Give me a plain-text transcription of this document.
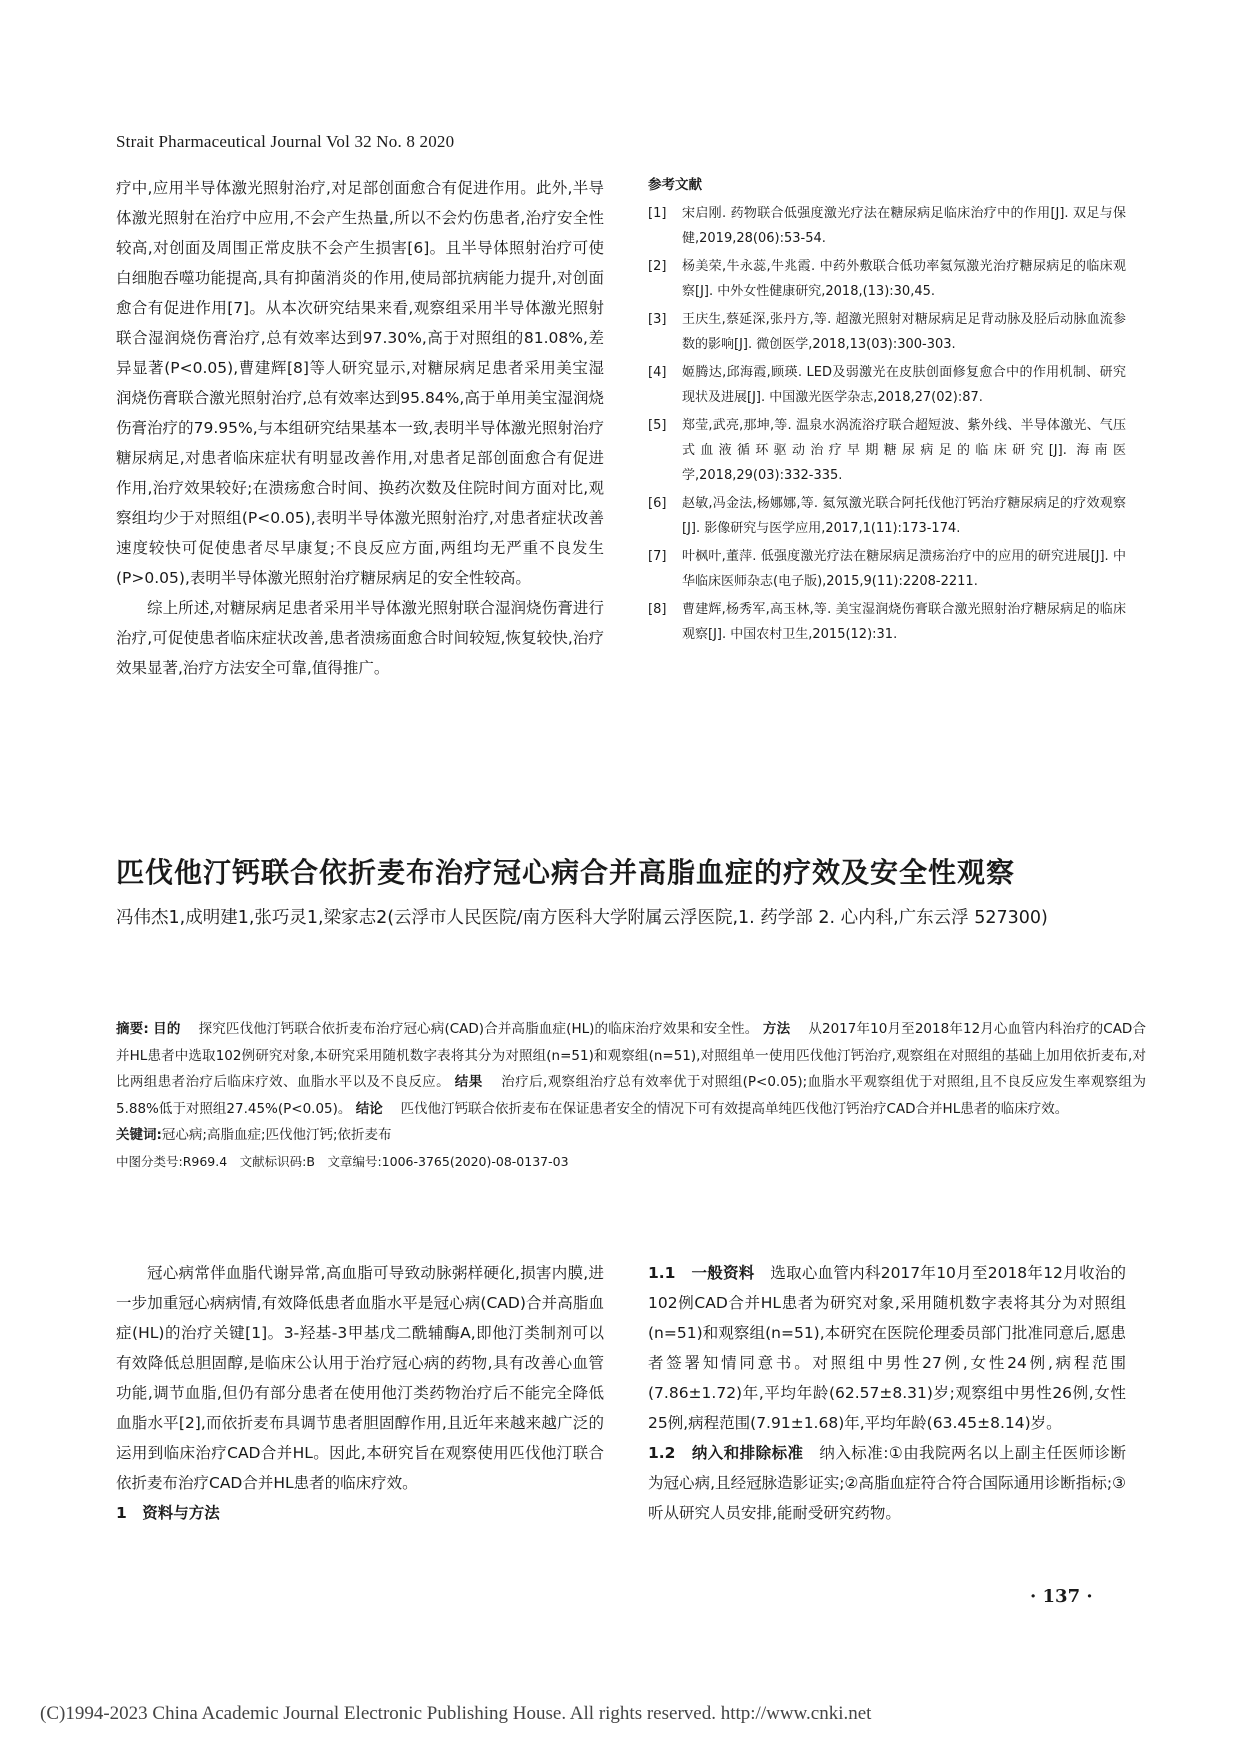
Strait Pharmaceutical Journal Vol 32 No. 8 2020

疗中,应用半导体激光照射治疗,对足部创面愈合有促进作用。此外,半导体激光照射在治疗中应用,不会产生热量,所以不会灼伤患者,治疗安全性较高,对创面及周围正常皮肤不会产生损害[6]。且半导体照射治疗可使白细胞吞噬功能提高,具有抑菌消炎的作用,使局部抗病能力提升,对创面愈合有促进作用[7]。从本次研究结果来看,观察组采用半导体激光照射联合湿润烧伤膏治疗,总有效率达到97.30%,高于对照组的81.08%,差异显著(P<0.05),曹建辉[8]等人研究显示,对糖尿病足患者采用美宝湿润烧伤膏联合激光照射治疗,总有效率达到95.84%,高于单用美宝湿润烧伤膏治疗的79.95%,与本组研究结果基本一致,表明半导体激光照射治疗糖尿病足,对患者临床症状有明显改善作用,对患者足部创面愈合有促进作用,治疗效果较好;在溃疡愈合时间、换药次数及住院时间方面对比,观察组均少于对照组(P<0.05),表明半导体激光照射治疗,对患者症状改善速度较快可促使患者尽早康复;不良反应方面,两组均无严重不良发生(P>0.05),表明半导体激光照射治疗糖尿病足的安全性较高。

综上所述,对糖尿病足患者采用半导体激光照射联合湿润烧伤膏进行治疗,可促使患者临床症状改善,患者溃疡面愈合时间较短,恢复较快,治疗效果显著,治疗方法安全可靠,值得推广。

参考文献
[1]	宋启刚. 药物联合低强度激光疗法在糖尿病足临床治疗中的作用[J]. 双足与保健,2019,28(06):53-54.
[2]	杨美荣,牛永蕊,牛兆霞. 中药外敷联合低功率氦氖激光治疗糖尿病足的临床观察[J]. 中外女性健康研究,2018,(13):30,45.
[3]	王庆生,蔡延深,张丹方,等. 超激光照射对糖尿病足足背动脉及胫后动脉血流参数的影响[J]. 微创医学,2018,13(03):300-303.
[4]	姬腾达,邱海霞,顾瑛. LED及弱激光在皮肤创面修复愈合中的作用机制、研究现状及进展[J]. 中国激光医学杂志,2018,27(02):87.
[5]	郑莹,武亮,那坤,等. 温泉水涡流浴疗联合超短波、紫外线、半导体激光、气压式血液循环驱动治疗早期糖尿病足的临床研究[J]. 海南医学,2018,29(03):332-335.
[6]	赵敏,冯金法,杨娜娜,等. 氦氖激光联合阿托伐他汀钙治疗糖尿病足的疗效观察[J]. 影像研究与医学应用,2017,1(11):173-174.
[7]	叶枫叶,董萍. 低强度激光疗法在糖尿病足溃疡治疗中的应用的研究进展[J]. 中华临床医师杂志(电子版),2015,9(11):2208-2211.
[8]	曹建辉,杨秀军,高玉林,等. 美宝湿润烧伤膏联合激光照射治疗糖尿病足的临床观察[J]. 中国农村卫生,2015(12):31.
匹伐他汀钙联合依折麦布治疗冠心病合并高脂血症的疗效及安全性观察
冯伟杰1,成明建1,张巧灵1,梁家志2(云浮市人民医院/南方医科大学附属云浮医院,1. 药学部 2. 心内科,广东云浮 527300)

摘要: 目的　 探究匹伐他汀钙联合依折麦布治疗冠心病(CAD)合并高脂血症(HL)的临床治疗效果和安全性。 方法　 从2017年10月至2018年12月心血管内科治疗的CAD合并HL患者中选取102例研究对象,本研究采用随机数字表将其分为对照组(n=51)和观察组(n=51),对照组单一使用匹伐他汀钙治疗,观察组在对照组的基础上加用依折麦布,对比两组患者治疗后临床疗效、血脂水平以及不良反应。 结果　 治疗后,观察组治疗总有效率优于对照组(P<0.05);血脂水平观察组优于对照组,且不良反应发生率观察组为5.88%低于对照组27.45%(P<0.05)。 结论　 匹伐他汀钙联合依折麦布在保证患者安全的情况下可有效提高单纯匹伐他汀钙治疗CAD合并HL患者的临床疗效。

关键词:冠心病;高脂血症;匹伐他汀钙;依折麦布

中图分类号:R969.4　文献标识码:B　文章编号:1006-3765(2020)-08-0137-03

冠心病常伴血脂代谢异常,高血脂可导致动脉粥样硬化,损害内膜,进一步加重冠心病病情,有效降低患者血脂水平是冠心病(CAD)合并高脂血症(HL)的治疗关键[1]。3-羟基-3甲基戊二酰辅酶A,即他汀类制剂可以有效降低总胆固醇,是临床公认用于治疗冠心病的药物,具有改善心血管功能,调节血脂,但仍有部分患者在使用他汀类药物治疗后不能完全降低血脂水平[2],而依折麦布具调节患者胆固醇作用,且近年来越来越广泛的运用到临床治疗CAD合并HL。因此,本研究旨在观察使用匹伐他汀联合依折麦布治疗CAD合并HL患者的临床疗效。

1　资料与方法

1.1　一般资料　 选取心血管内科2017年10月至2018年12月收治的102例CAD合并HL患者为研究对象,采用随机数字表将其分为对照组(n=51)和观察组(n=51),本研究在医院伦理委员部门批准同意后,愿患者签署知情同意书。对照组中男性27例,女性24例,病程范围(7.86±1.72)年,平均年龄(62.57±8.31)岁;观察组中男性26例,女性25例,病程范围(7.91±1.68)年,平均年龄(63.45±8.14)岁。

1.2　纳入和排除标准　 纳入标准:①由我院两名以上副主任医师诊断为冠心病,且经冠脉造影证实;②高脂血症符合符合国际通用诊断指标;③听从研究人员安排,能耐受研究药物。

· 137 ·
(C)1994-2023 China Academic Journal Electronic Publishing House. All rights reserved. http://www.cnki.net
